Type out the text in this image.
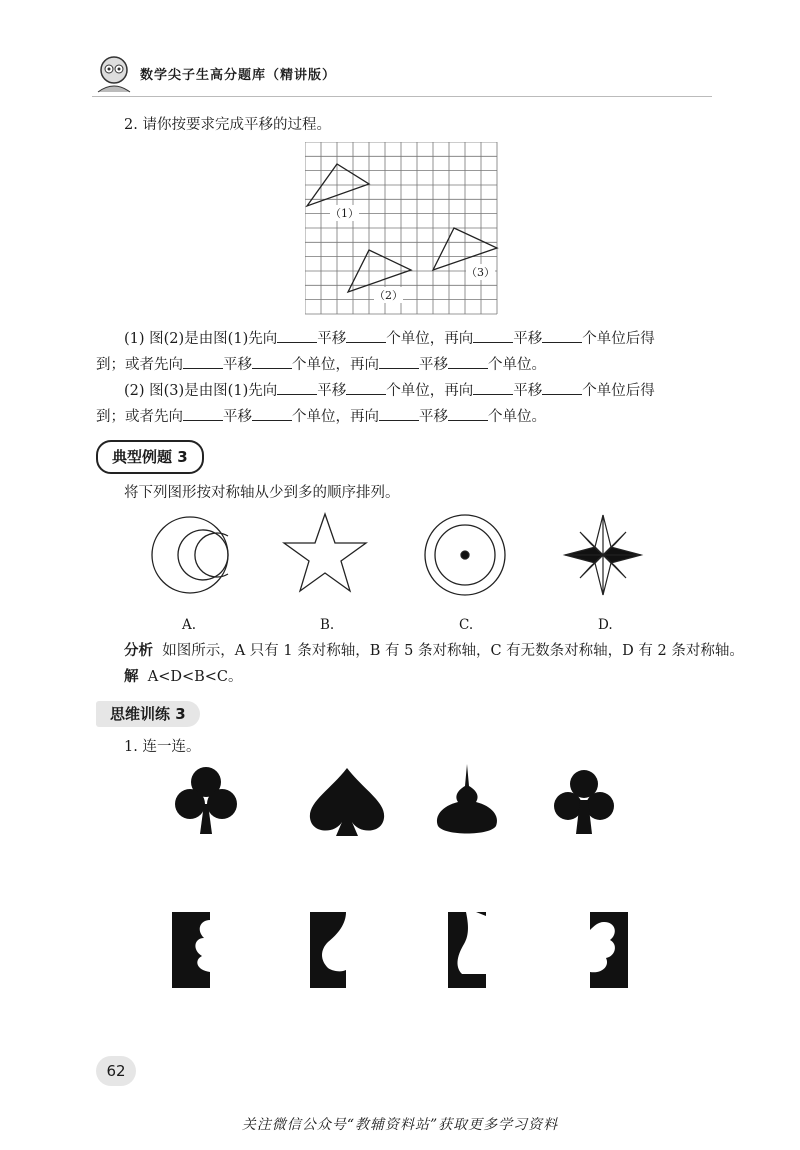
数学尖子生高分题库（精讲版）
2. 请你按要求完成平移的过程。
（1）
（2）
（3）
(1) 图(2)是由图(1)先向	平移	个单位，再向	平移	个单位后得
到；或者先向	平移	个单位，再向	平移	个单位。
(2) 图(3)是由图(1)先向	平移	个单位，再向	平移	个单位后得
到；或者先向	平移	个单位，再向	平移	个单位。
典型例题 3
将下列图形按对称轴从少到多的顺序排列。
A.	B.	C.	D.
分析 如图所示，A 只有 1 条对称轴，B 有 5 条对称轴，C 有无数条对称轴，D 有 2 条对称轴。
解 A<D<B<C。
思维训练 3
1. 连一连。
62
关注微信公众号“教辅资料站”获取更多学习资料
